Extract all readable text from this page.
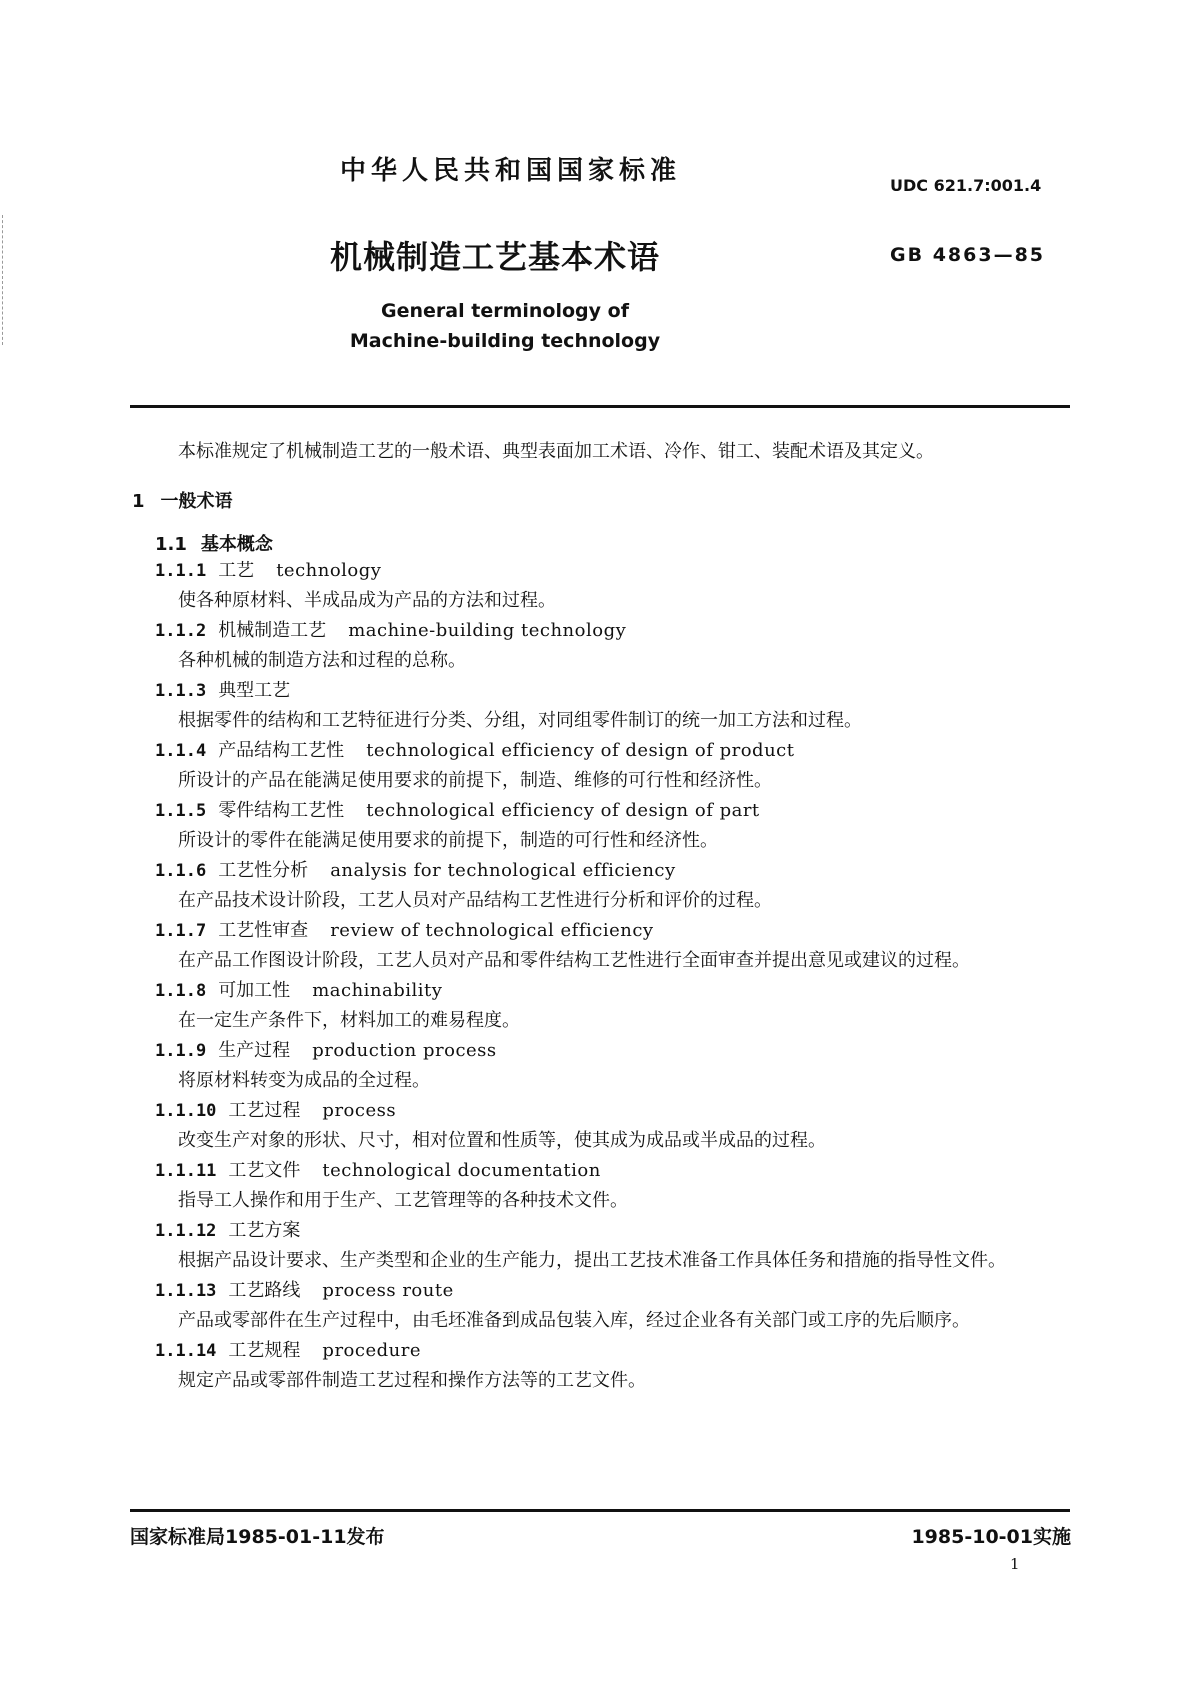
中华人民共和国国家标准	UDC 621.7:001.4
机械制造工艺基本术语	GB 4863—85
General terminology of
Machine-building technology
本标准规定了机械制造工艺的一般术语、典型表面加工术语、冷作、钳工、装配术语及其定义。
1 一般术语
1.1 基本概念
1.1.1 工艺 technology

使各种原材料、半成品成为产品的方法和过程。

1.1.2 机械制造工艺 machine-building technology

各种机械的制造方法和过程的总称。

1.1.3 典型工艺

根据零件的结构和工艺特征进行分类、分组，对同组零件制订的统一加工方法和过程。

1.1.4 产品结构工艺性 technological efficiency of design of product

所设计的产品在能满足使用要求的前提下，制造、维修的可行性和经济性。

1.1.5 零件结构工艺性 technological efficiency of design of part

所设计的零件在能满足使用要求的前提下，制造的可行性和经济性。

1.1.6 工艺性分析 analysis for technological efficiency

在产品技术设计阶段，工艺人员对产品结构工艺性进行分析和评价的过程。

1.1.7 工艺性审查 review of technological efficiency

在产品工作图设计阶段，工艺人员对产品和零件结构工艺性进行全面审查并提出意见或建议的过程。

1.1.8 可加工性 machinability

在一定生产条件下，材料加工的难易程度。

1.1.9 生产过程 production process

将原材料转变为成品的全过程。

1.1.10 工艺过程 process

改变生产对象的形状、尺寸，相对位置和性质等，使其成为成品或半成品的过程。

1.1.11 工艺文件 technological documentation

指导工人操作和用于生产、工艺管理等的各种技术文件。

1.1.12 工艺方案

根据产品设计要求、生产类型和企业的生产能力，提出工艺技术准备工作具体任务和措施的指导性文件。

1.1.13 工艺路线 process route

产品或零部件在生产过程中，由毛坯准备到成品包装入库，经过企业各有关部门或工序的先后顺序。

1.1.14 工艺规程 procedure

规定产品或零部件制造工艺过程和操作方法等的工艺文件。

国家标准局1985-01-11发布	1985-10-01实施
1
